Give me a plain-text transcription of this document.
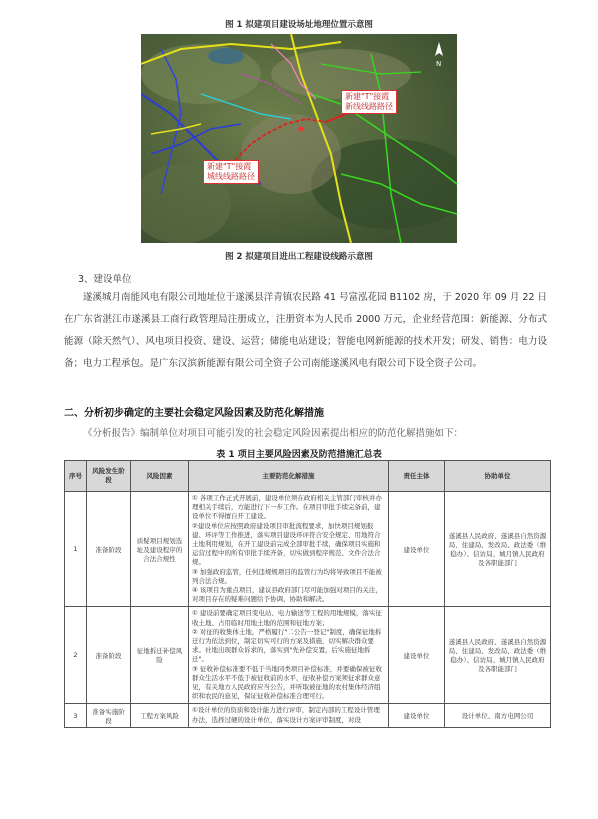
图 1 拟建项目建设场址地理位置示意图
N
新建"T"接霞
新线线路路径
新建"T"接霞
城线线路路径
图 2 拟建项目进出工程建设线路示意图
3、建设单位
遂溪城月南能风电有限公司地址位于遂溪县洋青镇农民路 41 号富泓花园 B1102 房，于 2020 年 09 月 22 日在广东省湛江市遂溪县工商行政管理局注册成立，注册资本为人民币 2000 万元，企业经营范围：新能源、分布式能源（除天然气）、风电项目投资、建设、运营；储能电站建设；智能电网新能源的技术开发；研发、销售：电力设备；电力工程承包。是广东汉滨新能源有限公司全资子公司南能遂溪风电有限公司下设全资子公司。
二、分析初步确定的主要社会稳定风险因素及防范化解措施
《分析报告》编制单位对项目可能引发的社会稳定风险因素提出相应的防范化解措施如下：
表 1 项目主要风险因素及防范措施汇总表
序号	风险发生阶段	风险因素	主要防范化解措施	责任主体	协助单位
1	准备阶段	质疑项目规划选址及建设程序的合法合规性	① 各项工作正式开展前，建设单位须在政府相关主管部门审核并办理相关手续后，方能进行下一步工作。在项目审批手续完备前，建设单位不得擅自开工建设。

②建设单位应按照政府建设项目审批流程要求，加快项目规划报建、环评等工作推进，落实项目建设环评符合安全规定、用地符合土地利用规划，在开工建设前完成全部审批手续，确保项目实施和运营过程中的所有审批手续齐备，切实做到程序规范、文件合法合规。

③ 加强政府监管，任何违规规项目的监管行为均将导致项目不能被列合法合规。

④ 该项目为重点项目，建议县政府部门尽可能加强对项目的关注，对项目存在的疑难问题给予协调、协助和解决。	建设单位	遂溪县人民政府、遂溪县自然资源局、住建局、发改局、政法委（维稳办）、信访局、城月镇人民政府及各职能部门
2	准备阶段	征地拆迁补偿风险	① 建设前要确定项目变电站、电力输送等工程的用地规模，落实征收土地、占用临时用地土地的范围和征地方案；

② 对征的收集体土地，严格履行"二公告一登记"制度，确保征地拆迁行为依法到位，制定切实可行的方案及措施，切实解决群众要求。社地出现群众诉求的，落实到"先补偿安置，后实施征地拆迁"。

③ 征收补偿标准要不低于当地同类项目补偿标准，并要确保被征收群众生活水平不低于被征收前的水平，征收补偿方案须征求群众意见，有关地方人民政府应当公告，并听取被征地的农村集体经济组织和农民的意见，保证征收补偿标准合理可行。	建设单位	遂溪县人民政府、遂溪县自然资源局、住建局、发改局、政法委（维稳办）、信访局、城月镇人民政府及各职能部门
3	准备实施阶段	工程方案风险	①设计单位的资质和设计能力进行评审，制定内部的工程设计管理办法，选择过硬的设计单位，落实设计方案评审制度，对设	建设单位	设计单位、南方电网公司
